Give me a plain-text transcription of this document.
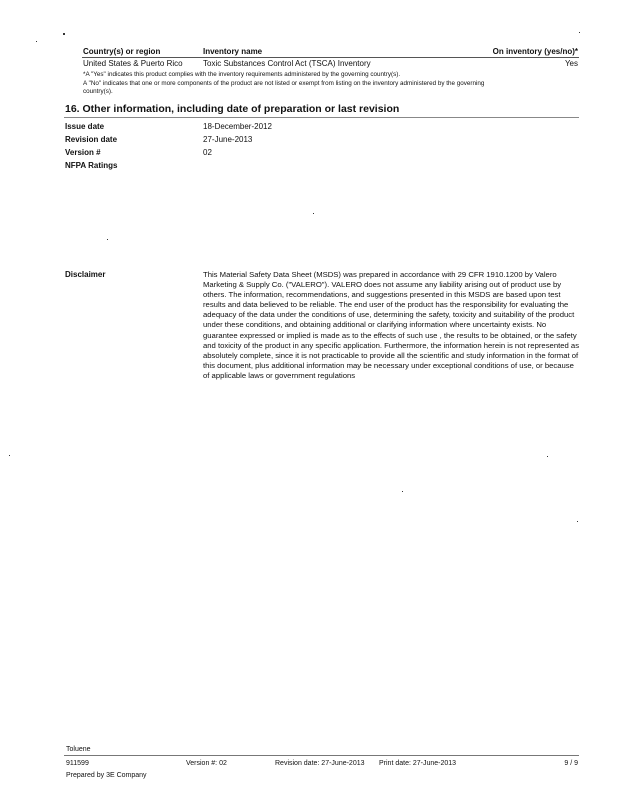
Country(s) or region	Inventory name	On inventory (yes/no)*
United States & Puerto Rico	Toxic Substances Control Act (TSCA) Inventory	Yes
*A "Yes" indicates this product complies with the inventory requirements administered by the governing country(s).
A "No" indicates that one or more components of the product are not listed or exempt from listing on the inventory administered by the governing
country(s).
16. Other information, including date of preparation or last revision
Issue date	18-December-2012
Revision date	27-June-2013
Version #	02
NFPA Ratings
Disclaimer	This Material Safety Data Sheet (MSDS) was prepared in accordance with 29 CFR 1910.1200 by Valero Marketing & Supply Co. ("VALERO"). VALERO does not assume any liability arising out of product use by others. The information, recommendations, and suggestions presented in this MSDS are based upon test results and data believed to be reliable. The end user of the product has the responsibility for evaluating the adequacy of the data under the conditions of use, determining the safety, toxicity and suitability of the product under these conditions, and obtaining additional or clarifying information where uncertainty exists. No guarantee expressed or implied is made as to the effects of such use , the results to be obtained, or the safety and toxicity of the product in any specific application. Furthermore, the information herein is not represented as absolutely complete, since it is not practicable to provide all the scientific and study information in the format of this document, plus additional information may be necessary under exceptional conditions of use, or because of applicable laws or government regulations
Toluene
911599	Version #: 02	Revision date: 27-June-2013 Print date: 27-June-2013	9 / 9
Prepared by 3E Company
